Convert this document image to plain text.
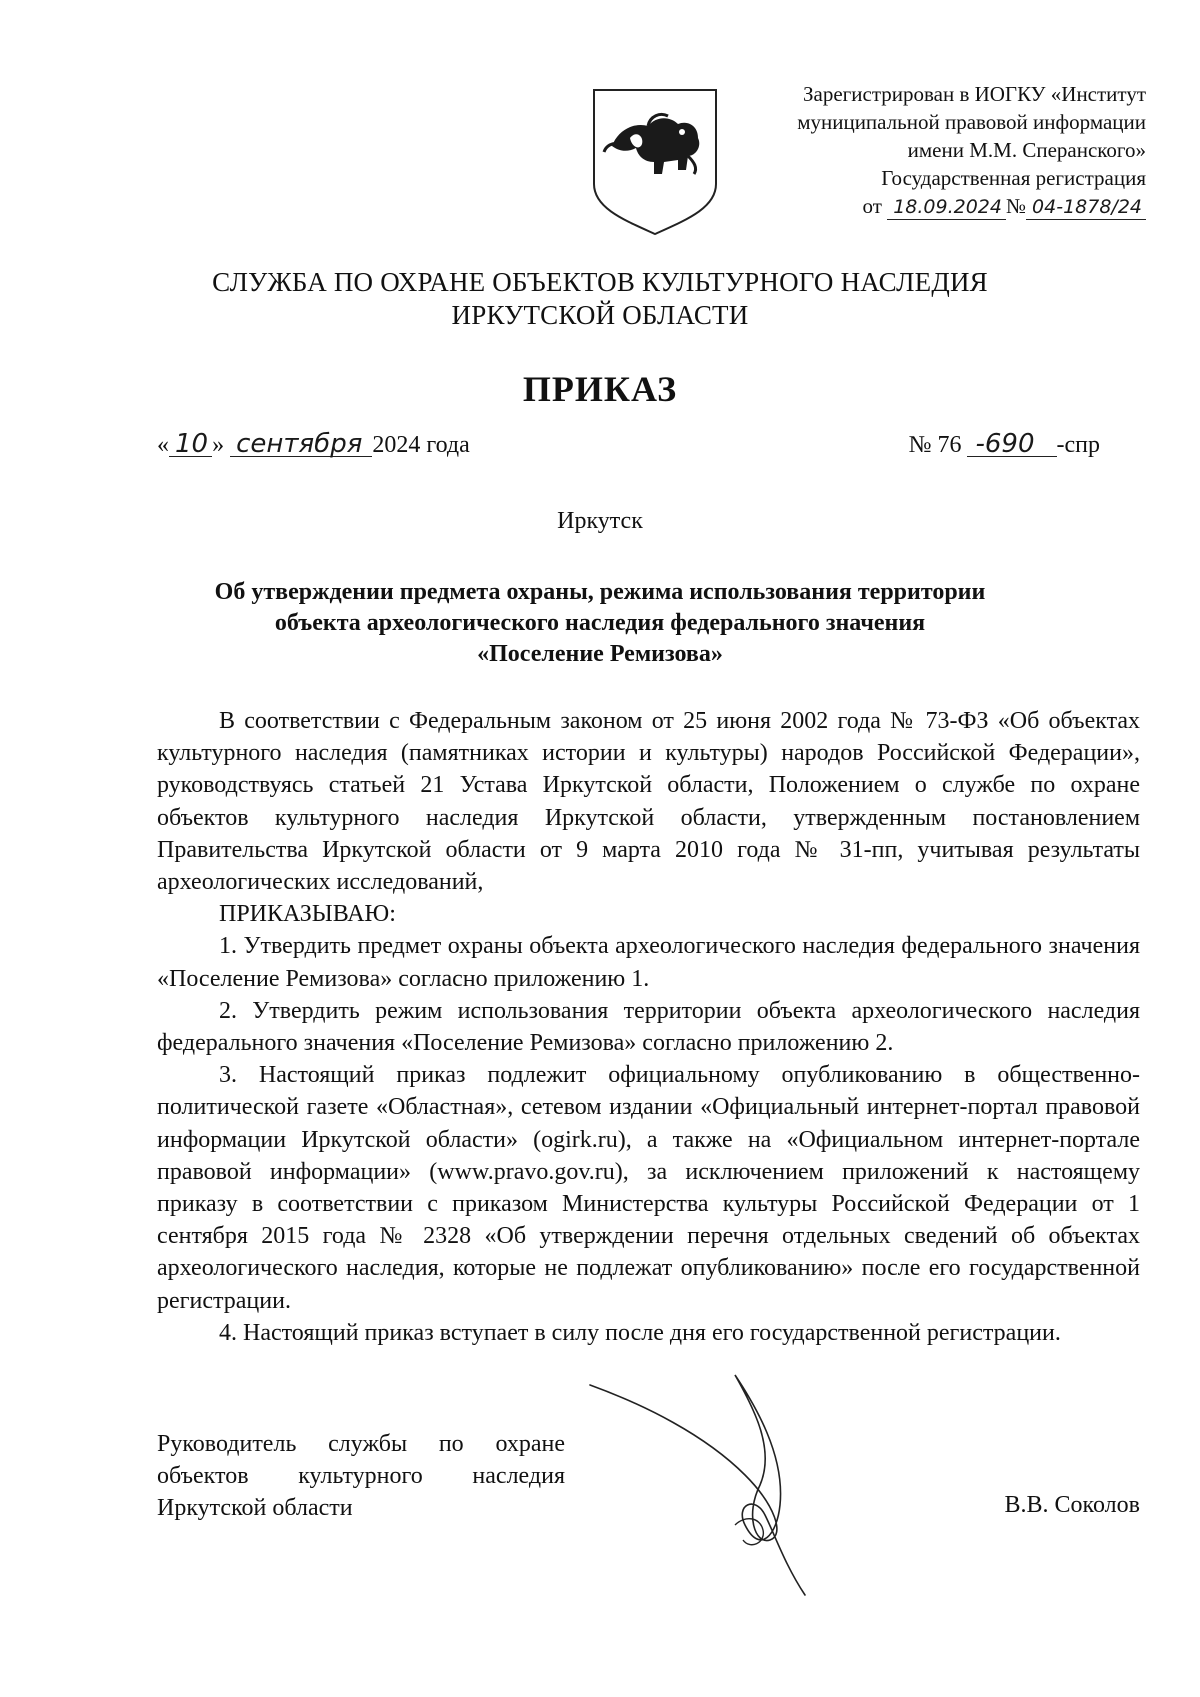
Зарегистрирован в ИОГКУ «Институт
муниципальной правовой информации
имени М.М. Сперанского»
Государственная регистрация
от 18.09.2024 № 04-1878/24
СЛУЖБА ПО ОХРАНЕ ОБЪЕКТОВ КУЛЬТУРНОГО НАСЛЕДИЯ
ИРКУТСКОЙ ОБЛАСТИ
ПРИКАЗ
« 10 » сентября 2024 года	№ 76 -690 -спр
Иркутск
Об утверждении предмета охраны, режима использования территории
объекта археологического наследия федерального значения
«Поселение Ремизова»

В соответствии с Федеральным законом от 25 июня 2002 года № 73-ФЗ «Об объектах культурного наследия (памятниках истории и культуры) народов Российской Федерации», руководствуясь статьей 21 Устава Иркутской области, Положением о службе по охране объектов культурного наследия Иркутской области, утвержденным постановлением Правительства Иркутской области от 9 марта 2010 года № 31-пп, учитывая результаты археологических исследований,

ПРИКАЗЫВАЮ:

1. Утвердить предмет охраны объекта археологического наследия федерального значения «Поселение Ремизова» согласно приложению 1.

2. Утвердить режим использования территории объекта археологического наследия федерального значения «Поселение Ремизова» согласно приложению 2.

3. Настоящий приказ подлежит официальному опубликованию в общественно-политической газете «Областная», сетевом издании «Официальный интернет-портал правовой информации Иркутской области» (ogirk.ru), а также на «Официальном интернет-портале правовой информации» (www.pravo.gov.ru), за исключением приложений к настоящему приказу в соответствии с приказом Министерства культуры Российской Федерации от 1 сентября 2015 года № 2328 «Об утверждении перечня отдельных сведений об объектах археологического наследия, которые не подлежат опубликованию» после его государственной регистрации.

4. Настоящий приказ вступает в силу после дня его государственной регистрации.

Руководитель службы по охране
объектов культурного наследия
Иркутской области	В.В. Соколов
